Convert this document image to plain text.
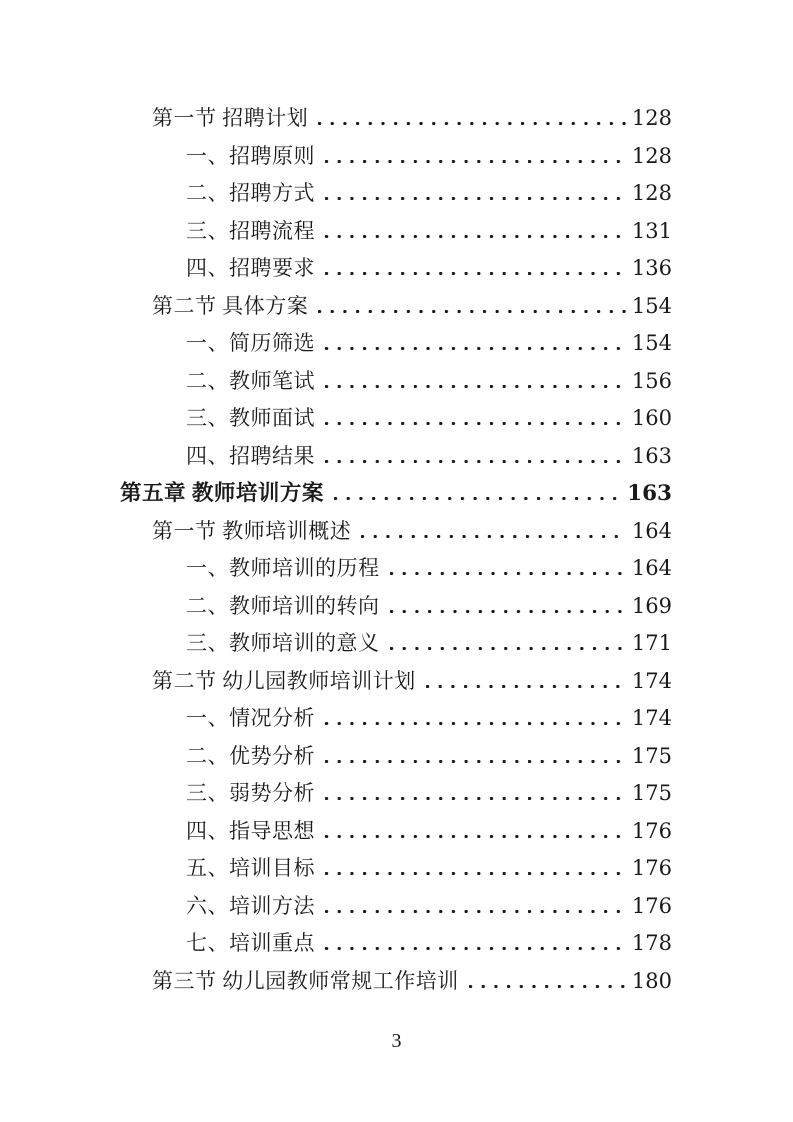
第一节 招聘计划	128
一、招聘原则	128
二、招聘方式	128
三、招聘流程	131
四、招聘要求	136
第二节 具体方案	154
一、简历筛选	154
二、教师笔试	156
三、教师面试	160
四、招聘结果	163
第五章 教师培训方案	163
第一节 教师培训概述	164
一、教师培训的历程	164
二、教师培训的转向	169
三、教师培训的意义	171
第二节 幼儿园教师培训计划	174
一、情况分析	174
二、优势分析	175
三、弱势分析	175
四、指导思想	176
五、培训目标	176
六、培训方法	176
七、培训重点	178
第三节 幼儿园教师常规工作培训	180
3
